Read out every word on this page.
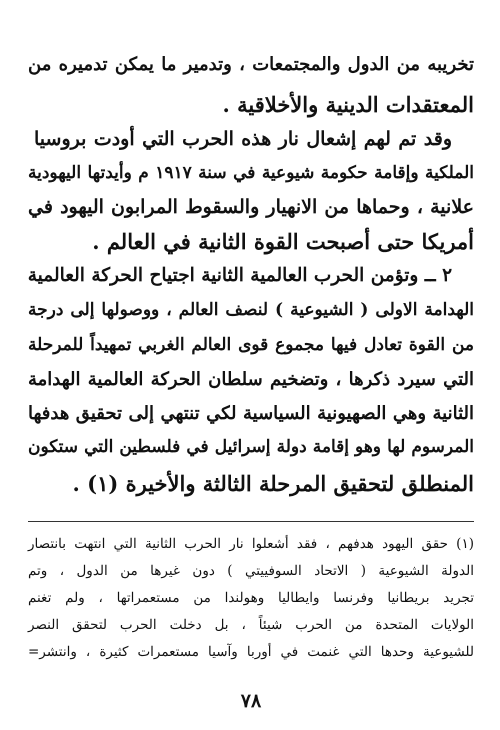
تخريبه من الدول والمجتمعات ، وتدمير ما يمكن تدميره من
المعتقدات الدينية والأخلاقية .
وقد تم لهم إشعال نار هذه الحرب التي أودت بروسيا
الملكية وإقامة حكومة شيوعية في سنة ١٩١٧ م وأيدتها اليهودية
علانية ، وحماها من الانهيار والسقوط المرابون اليهود في
أمريكا حتى أصبحت القوة الثانية في العالم .
٢ ــ وتؤمن الحرب العالمية الثانية اجتياح الحركة العالمية
الهدامة الاولى ( الشيوعية ) لنصف العالم ، ووصولها إلى درجة
من القوة تعادل فيها مجموع قوى العالم الغربي تمهيداً للمرحلة
التي سيرد ذكرها ، وتضخيم سلطان الحركة العالمية الهدامة
الثانية وهي الصهيونية السياسية لكي تنتهي إلى تحقيق هدفها
المرسوم لها وهو إقامة دولة إسرائيل في فلسطين التي ستكون
المنطلق لتحقيق المرحلة الثالثة والأخيرة (١) .
(١) حقق اليهود هدفهم ، فقد أشعلوا نار الحرب الثانية التي انتهت بانتصار
الدولة الشيوعية ( الاتحاد السوفييتي ) دون غيرها من الدول ، وتم
تجريد بريطانيا وفرنسا وايطاليا وهولندا من مستعمراتها ، ولم تغنم
الولايات المتحدة من الحرب شيئاً ، بل دخلت الحرب لتحقق النصر
للشيوعية وحدها التي غنمت في أوربا وآسيا مستعمرات كثيرة ، وانتشر=
٧٨
